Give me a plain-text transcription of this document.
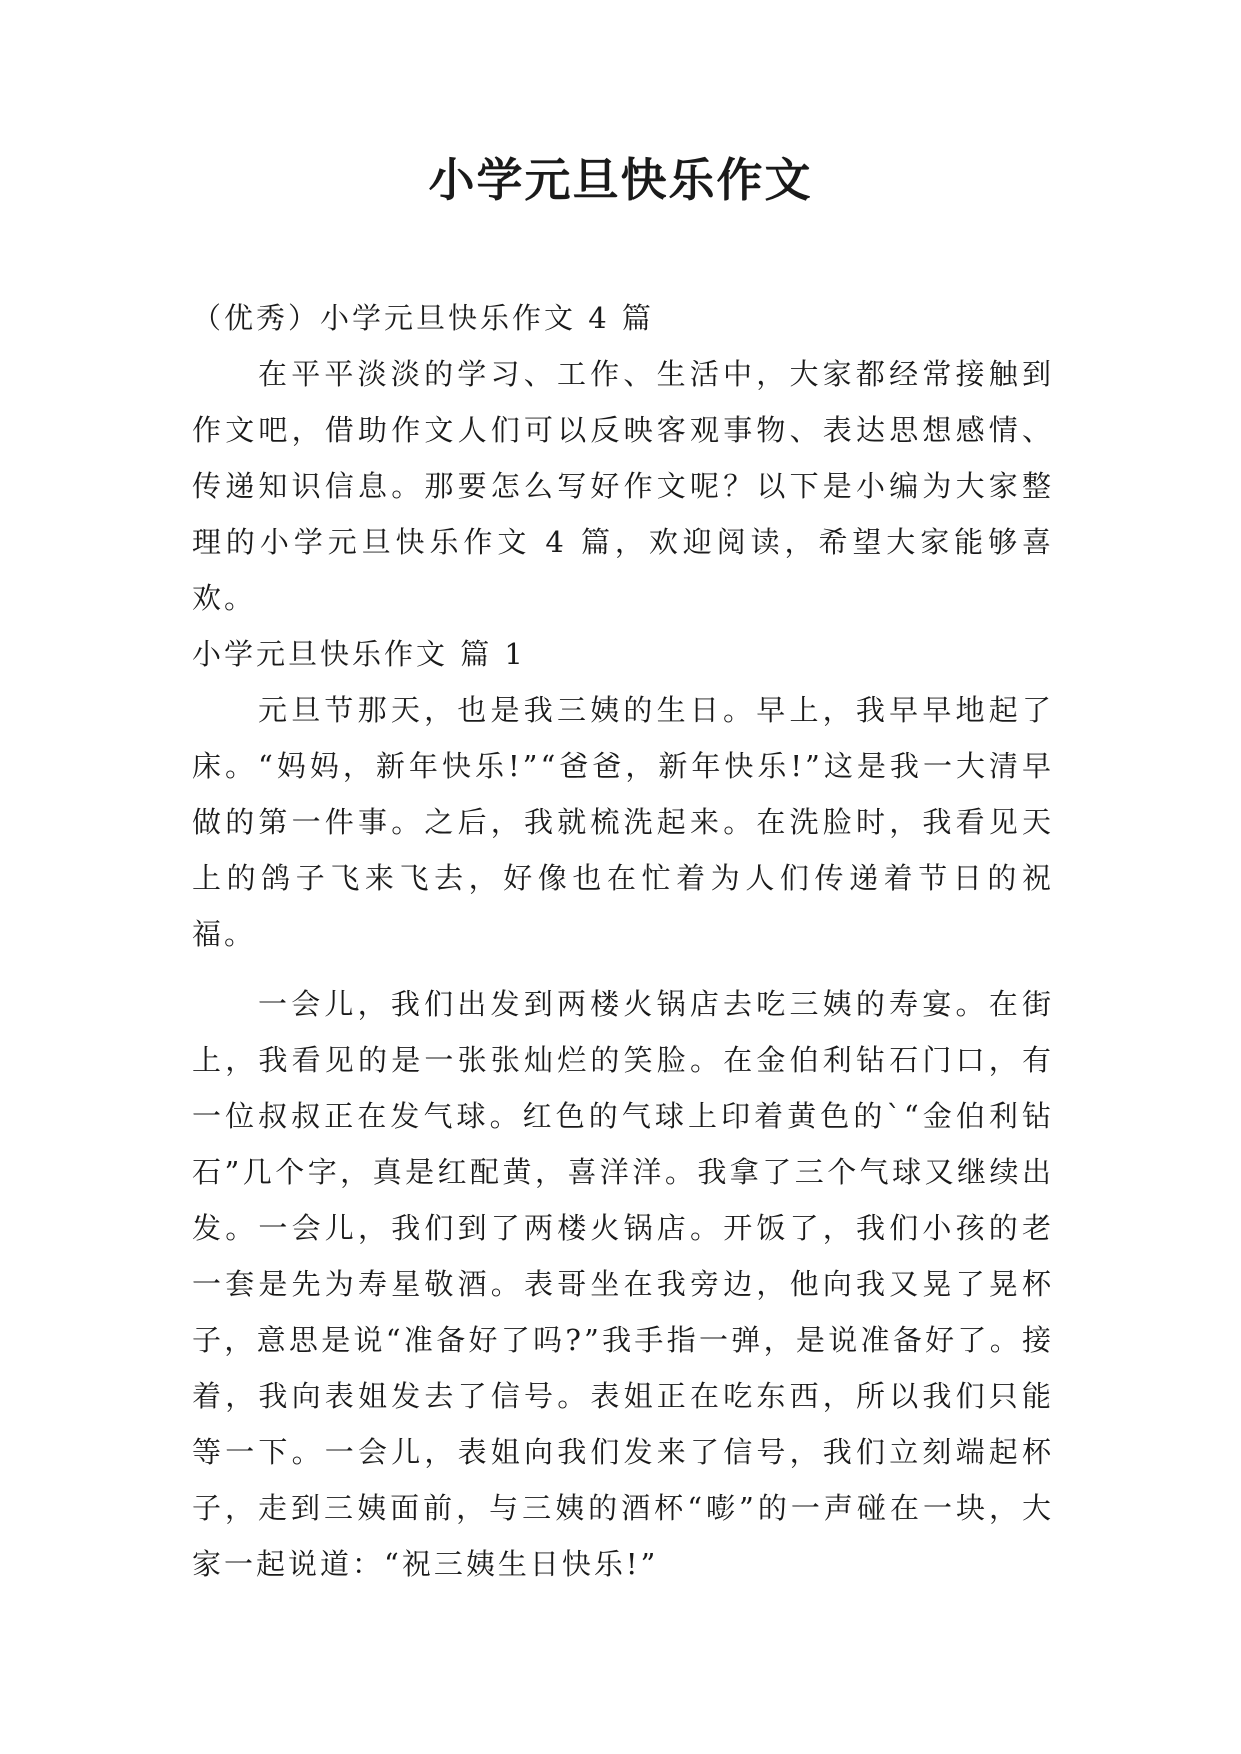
小学元旦快乐作文

（优秀）小学元旦快乐作文 4 篇

在平平淡淡的学习、工作、生活中，大家都经常接触到作文吧，借助作文人们可以反映客观事物、表达思想感情、传递知识信息。那要怎么写好作文呢？以下是小编为大家整理的小学元旦快乐作文 4 篇，欢迎阅读，希望大家能够喜欢。

小学元旦快乐作文 篇 1

元旦节那天，也是我三姨的生日。早上，我早早地起了床。“妈妈，新年快乐!”“爸爸，新年快乐!”这是我一大清早做的第一件事。之后，我就梳洗起来。在洗脸时，我看见天上的鸽子飞来飞去，好像也在忙着为人们传递着节日的祝福。

一会儿，我们出发到两楼火锅店去吃三姨的寿宴。在街上，我看见的是一张张灿烂的笑脸。在金伯利钻石门口，有一位叔叔正在发气球。红色的气球上印着黄色的`“金伯利钻石”几个字，真是红配黄，喜洋洋。我拿了三个气球又继续出发。一会儿，我们到了两楼火锅店。开饭了，我们小孩的老一套是先为寿星敬酒。表哥坐在我旁边，他向我又晃了晃杯子，意思是说“准备好了吗?”我手指一弹，是说准备好了。接着，我向表姐发去了信号。表姐正在吃东西，所以我们只能等一下。一会儿，表姐向我们发来了信号，我们立刻端起杯子，走到三姨面前，与三姨的酒杯“嘭”的一声碰在一块，大家一起说道：“祝三姨生日快乐!”
